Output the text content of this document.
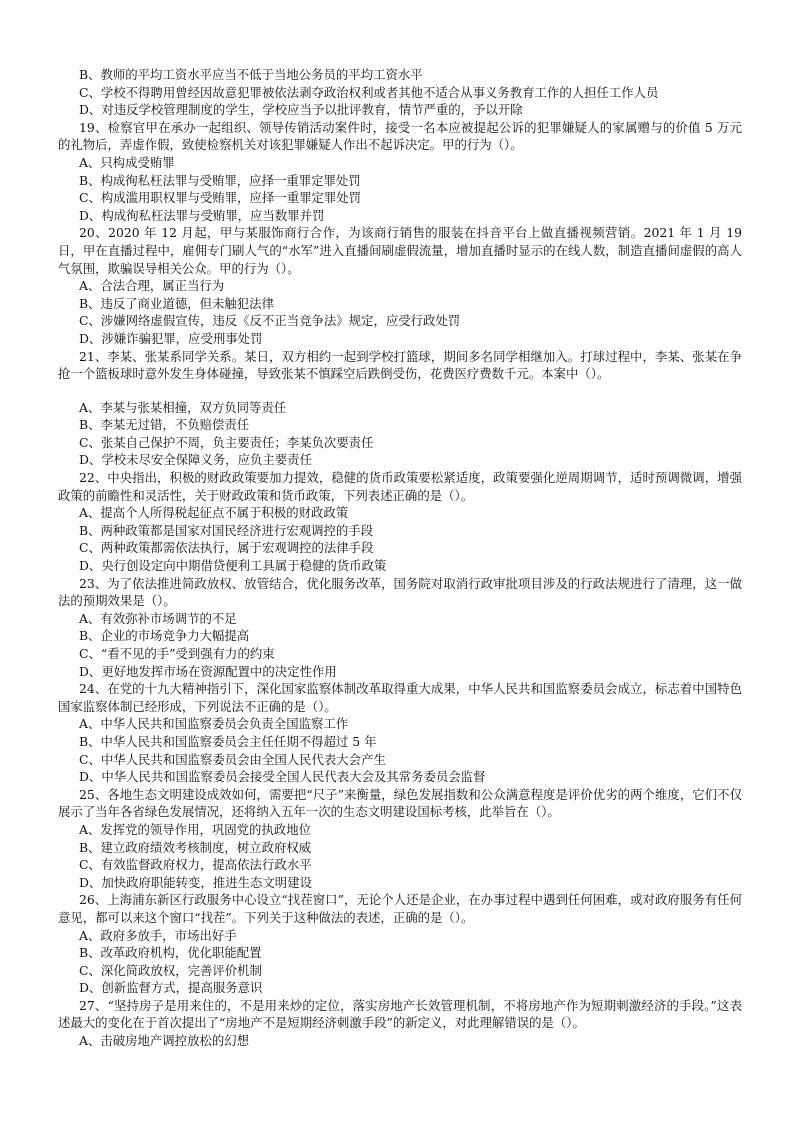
B、教师的平均工资水平应当不低于当地公务员的平均工资水平
C、学校不得聘用曾经因故意犯罪被依法剥夺政治权利或者其他不适合从事义务教育工作的人担任工作人员
D、对违反学校管理制度的学生，学校应当予以批评教育，情节严重的，予以开除
19、检察官甲在承办一起组织、领导传销活动案件时，接受一名本应被提起公诉的犯罪嫌疑人的家属赠与的价值 5 万元的礼物后，弄虚作假，致使检察机关对该犯罪嫌疑人作出不起诉决定。甲的行为（）。
A、只构成受贿罪
B、构成徇私枉法罪与受贿罪，应择一重罪定罪处罚
C、构成滥用职权罪与受贿罪，应择一重罪定罪处罚
D、构成徇私枉法罪与受贿罪，应当数罪并罚
20、2020 年 12 月起，甲与某服饰商行合作，为该商行销售的服装在抖音平台上做直播视频营销。2021 年 1 月 19 日，甲在直播过程中，雇佣专门刷人气的“水军”进入直播间刷虚假流量，增加直播时显示的在线人数，制造直播间虚假的高人气氛围，欺骗误导相关公众。甲的行为（）。
A、合法合理，属正当行为
B、违反了商业道德，但未触犯法律
C、涉嫌网络虚假宣传，违反《反不正当竞争法》规定，应受行政处罚
D、涉嫌诈骗犯罪，应受刑事处罚
21、李某、张某系同学关系。某日，双方相约一起到学校打篮球，期间多名同学相继加入。打球过程中，李某、张某在争抢一个篮板球时意外发生身体碰撞，导致张某不慎踩空后跌倒受伤，花费医疗费数千元。本案中（）。
A、李某与张某相撞，双方负同等责任
B、李某无过错，不负赔偿责任
C、张某自己保护不周，负主要责任；李某负次要责任
D、学校未尽安全保障义务，应负主要责任
22、中央指出，积极的财政政策要加力提效，稳健的货币政策要松紧适度，政策要强化逆周期调节，适时预调微调，增强政策的前瞻性和灵活性，关于财政政策和货币政策，下列表述正确的是（）。
A、提高个人所得税起征点不属于积极的财政政策
B、两种政策都是国家对国民经济进行宏观调控的手段
C、两种政策都需依法执行，属于宏观调控的法律手段
D、央行创设定向中期借贷便利工具属于稳健的货币政策
23、为了依法推进简政放权、放管结合，优化服务改革，国务院对取消行政审批项目涉及的行政法规进行了清理，这一做法的预期效果是（）。
A、有效弥补市场调节的不足
B、企业的市场竞争力大幅提高
C、“看不见的手”受到强有力的约束
D、更好地发挥市场在资源配置中的决定性作用
24、在党的十九大精神指引下，深化国家监察体制改革取得重大成果，中华人民共和国监察委员会成立，标志着中国特色国家监察体制已经形成，下列说法不正确的是（）。
A、中华人民共和国监察委员会负责全国监察工作
B、中华人民共和国监察委员会主任任期不得超过 5 年
C、中华人民共和国监察委员会由全国人民代表大会产生
D、中华人民共和国监察委员会接受全国人民代表大会及其常务委员会监督
25、各地生态文明建设成效如何，需要把“尺子”来衡量，绿色发展指数和公众满意程度是评价优劣的两个维度，它们不仅展示了当年各省绿色发展情况，还将纳入五年一次的生态文明建设国标考核，此举旨在（）。
A、发挥党的领导作用，巩固党的执政地位
B、建立政府绩效考核制度，树立政府权威
C、有效监督政府权力，提高依法行政水平
D、加快政府职能转变，推进生态文明建设
26、上海浦东新区行政服务中心设立“找茬窗口”，无论个人还是企业，在办事过程中遇到任何困难，或对政府服务有任何意见，都可以来这个窗口“找茬”。下列关于这种做法的表述，正确的是（）。
A、政府多放手，市场出好手
B、改革政府机构，优化职能配置
C、深化简政放权，完善评价机制
D、创新监督方式，提高服务意识
27、“坚持房子是用来住的，不是用来炒的定位，落实房地产长效管理机制，不将房地产作为短期刺激经济的手段。”这表述最大的变化在于首次提出了“房地产不是短期经济刺激手段”的新定义，对此理解错误的是（）。
A、击破房地产调控放松的幻想
